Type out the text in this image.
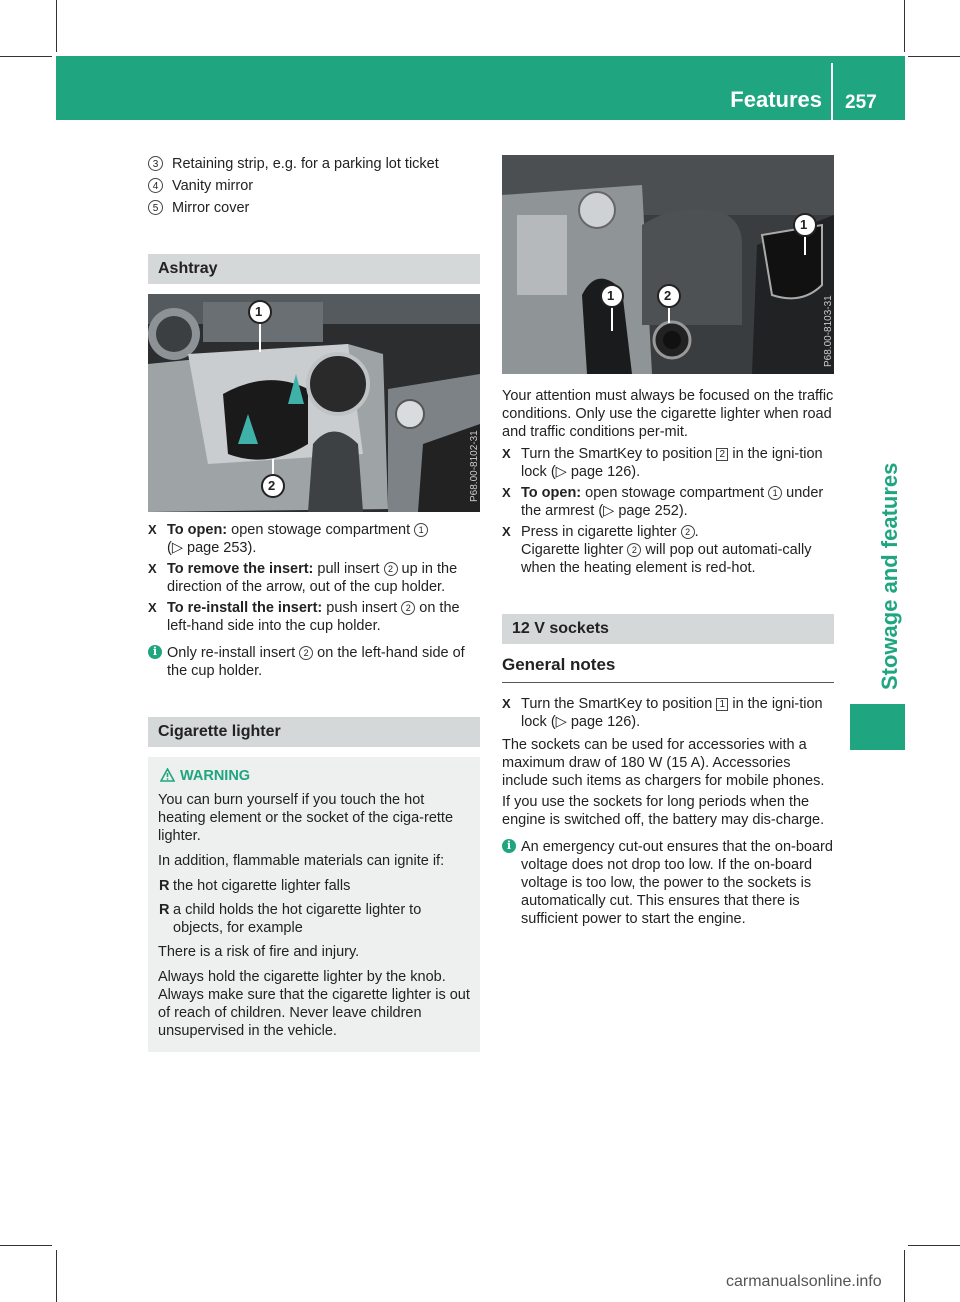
Features 257
Stowage and features
3 Retaining strip, e.g. for a parking lot ticket
4 Vanity mirror
5 Mirror cover
Ashtray
1
2	P68.00-8102-31
X To open: open stowage compartment 1
(▷ page 253).
X To remove the insert: pull insert 2 up in the direction of the arrow, out of the cup holder.
X To re-install the insert: push insert 2 on the left-hand side into the cup holder.
i Only re-install insert 2 on the left-hand side of the cup holder.
Cigarette lighter
WARNING

You can burn yourself if you touch the hot heating element or the socket of the ciga-rette lighter.

In addition, flammable materials can ignite if:

R the hot cigarette lighter falls
R a child holds the hot cigarette lighter to objects, for example

There is a risk of fire and injury.

Always hold the cigarette lighter by the knob. Always make sure that the cigarette lighter is out of reach of children. Never leave children unsupervised in the vehicle.

1
1	2	P68.00-8103-31

Your attention must always be focused on the traffic conditions. Only use the cigarette lighter when road and traffic conditions per-mit.

X Turn the SmartKey to position 2 in the igni-tion lock (▷ page 126).
X To open: open stowage compartment 1 under the armrest (▷ page 252).
X Press in cigarette lighter 2 .
Cigarette lighter 2 will pop out automati-cally when the heating element is red-hot.
12 V sockets
General notes
X Turn the SmartKey to position 1 in the igni-tion lock (▷ page 126).

The sockets can be used for accessories with a maximum draw of 180 W (15 A). Accessories include such items as chargers for mobile phones.

If you use the sockets for long periods when the engine is switched off, the battery may dis-charge.

i An emergency cut-out ensures that the on-board voltage does not drop too low. If the on-board voltage is too low, the power to the sockets is automatically cut. This ensures that there is sufficient power to start the engine.
carmanualsonline.info
